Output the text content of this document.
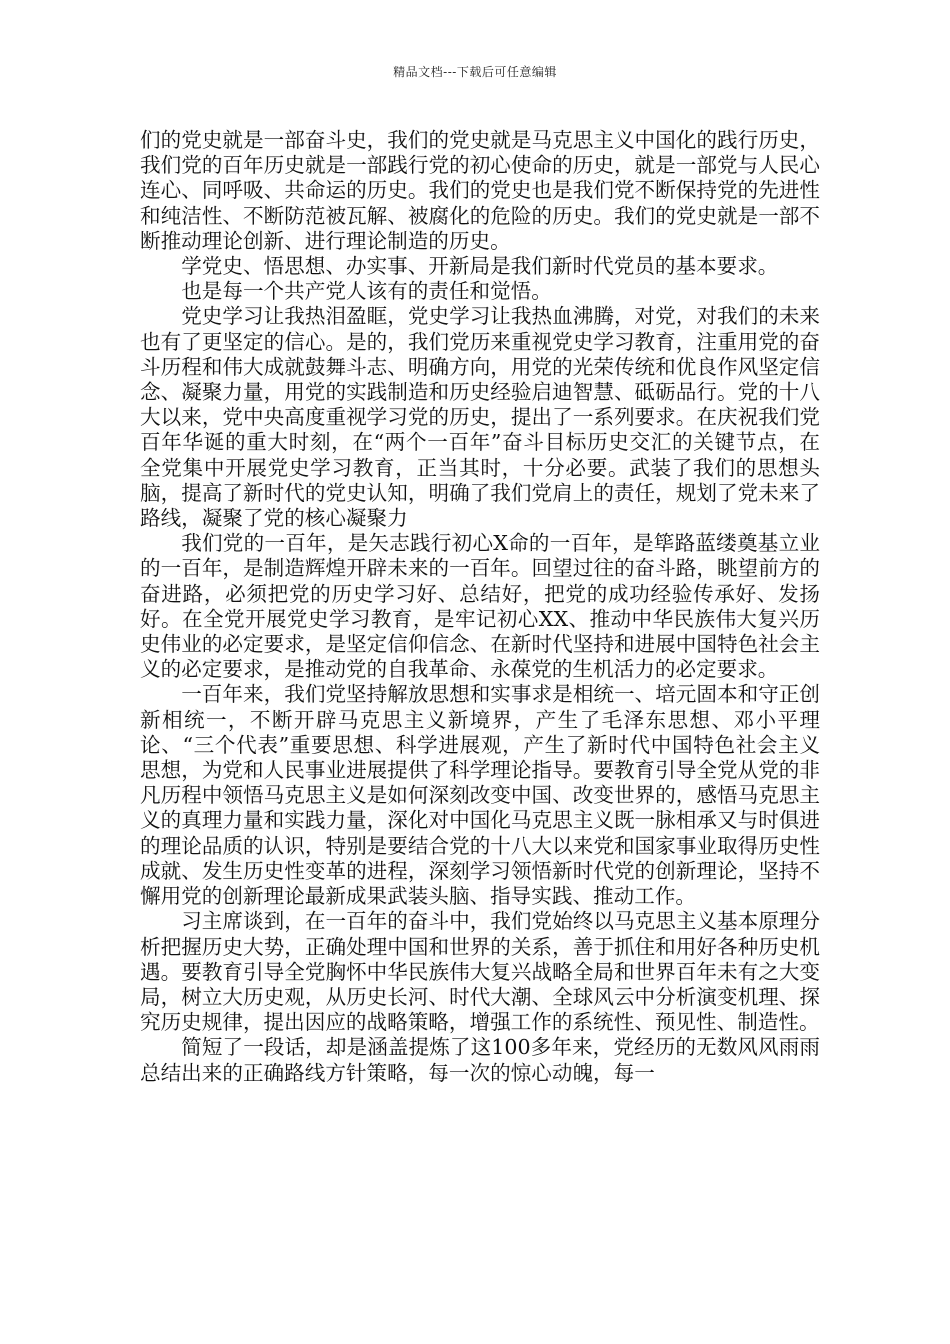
精品文档---下载后可任意编辑

们的党史就是一部奋斗史，我们的党史就是马克思主义中国化的践行历史，我们党的百年历史就是一部践行党的初心使命的历史，就是一部党与人民心连心、同呼吸、共命运的历史。我们的党史也是我们党不断保持党的先进性和纯洁性、不断防范被瓦解、被腐化的危险的历史。我们的党史就是一部不断推动理论创新、进行理论制造的历史。

学党史、悟思想、办实事、开新局是我们新时代党员的基本要求。

也是每一个共产党人该有的责任和觉悟。

党史学习让我热泪盈眶，党史学习让我热血沸腾，对党，对我们的未来也有了更坚定的信心。是的，我们党历来重视党史学习教育，注重用党的奋斗历程和伟大成就鼓舞斗志、明确方向，用党的光荣传统和优良作风坚定信念、凝聚力量，用党的实践制造和历史经验启迪智慧、砥砺品行。党的十八大以来，党中央高度重视学习党的历史，提出了一系列要求。在庆祝我们党百年华诞的重大时刻，在“两个一百年”奋斗目标历史交汇的关键节点，在全党集中开展党史学习教育，正当其时，十分必要。武装了我们的思想头脑，提高了新时代的党史认知，明确了我们党肩上的责任，规划了党未来了路线，凝聚了党的核心凝聚力

我们党的一百年，是矢志践行初心X命的一百年，是筚路蓝缕奠基立业的一百年，是制造辉煌开辟未来的一百年。回望过往的奋斗路，眺望前方的奋进路，必须把党的历史学习好、总结好，把党的成功经验传承好、发扬好。在全党开展党史学习教育，是牢记初心XX、推动中华民族伟大复兴历史伟业的必定要求，是坚定信仰信念、在新时代坚持和进展中国特色社会主义的必定要求，是推动党的自我革命、永葆党的生机活力的必定要求。

一百年来，我们党坚持解放思想和实事求是相统一、培元固本和守正创新相统一，不断开辟马克思主义新境界，产生了毛泽东思想、邓小平理论、“三个代表”重要思想、科学进展观，产生了新时代中国特色社会主义思想，为党和人民事业进展提供了科学理论指导。要教育引导全党从党的非凡历程中领悟马克思主义是如何深刻改变中国、改变世界的，感悟马克思主义的真理力量和实践力量，深化对中国化马克思主义既一脉相承又与时俱进的理论品质的认识，特别是要结合党的十八大以来党和国家事业取得历史性成就、发生历史性变革的进程，深刻学习领悟新时代党的创新理论，坚持不懈用党的创新理论最新成果武装头脑、指导实践、推动工作。

习主席谈到，在一百年的奋斗中，我们党始终以马克思主义基本原理分析把握历史大势，正确处理中国和世界的关系，善于抓住和用好各种历史机遇。要教育引导全党胸怀中华民族伟大复兴战略全局和世界百年未有之大变局，树立大历史观，从历史长河、时代大潮、全球风云中分析演变机理、探究历史规律，提出因应的战略策略，增强工作的系统性、预见性、制造性。

简短了一段话，却是涵盖提炼了这100多年来，党经历的无数风风雨雨总结出来的正确路线方针策略，每一次的惊心动魄，每一
